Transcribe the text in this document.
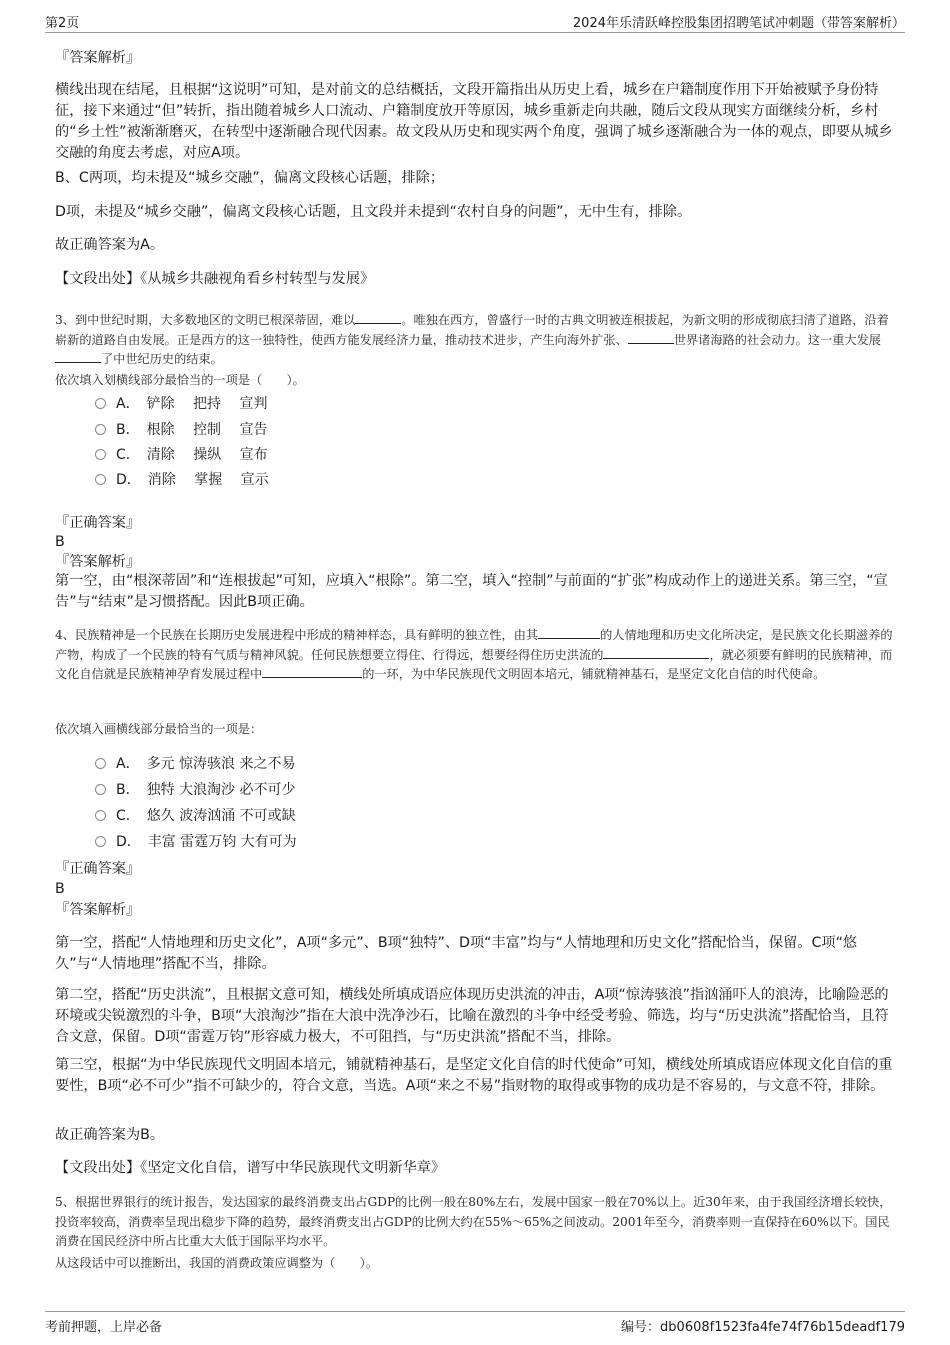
第2页	2024年乐清跃峰控股集团招聘笔试冲刺题（带答案解析）
『答案解析』

横线出现在结尾，且根据“这说明”可知，是对前文的总结概括，文段开篇指出从历史上看，城乡在户籍制度作用下开始被赋予身份特征，接下来通过“但”转折，指出随着城乡人口流动、户籍制度放开等原因，城乡重新走向共融，随后文段从现实方面继续分析，乡村的“乡土性”被渐渐磨灭，在转型中逐渐融合现代因素。故文段从历史和现实两个角度，强调了城乡逐渐融合为一体的观点，即要从城乡交融的角度去考虑，对应A项。

B、C两项，均未提及“城乡交融”，偏离文段核心话题，排除；

D项，未提及“城乡交融”，偏离文段核心话题，且文段并未提到“农村自身的问题”，无中生有，排除。

故正确答案为A。

【文段出处】《从城乡共融视角看乡村转型与发展》

3、到中世纪时期，大多数地区的文明已根深蒂固，难以	。唯独在西方，曾盛行一时的古典文明被连根拔起，为新文明的形成彻底扫清了道路，沿着崭新的道路自由发展。正是西方的这一独特性，使西方能发展经济力量，推动技术进步，产生向海外扩张、	世界诸海路的社会动力。这一重大发展了中世纪历史的结束。

依次填入划横线部分最恰当的一项是（　　）。

A．　铲除　 把持　 宣判
B．　根除　 控制　 宣告
C．　清除　 操纵　 宣布
D．　消除　 掌握　 宣示
『正确答案』
B
『答案解析』

第一空，由“根深蒂固”和“连根拔起”可知，应填入“根除”。第二空，填入“控制”与前面的“扩张”构成动作上的递进关系。第三空，“宣告”与“结束”是习惯搭配。因此B项正确。

4、民族精神是一个民族在长期历史发展进程中形成的精神样态，具有鲜明的独立性，由其	的人情地理和历史文化所决定，是民族文化长期滋养的产物，构成了一个民族的特有气质与精神风貌。任何民族想要立得住、行得远，想要经得住历史洪流的	，就必须要有鲜明的民族精神，而文化自信就是民族精神孕育发展过程中	的一环，为中华民族现代文明固本培元，铺就精神基石，是坚定文化自信的时代使命。

依次填入画横线部分最恰当的一项是：

A．　多元 惊涛骇浪 来之不易
B．　独特 大浪淘沙 必不可少
C．　悠久 波涛汹涌 不可或缺
D．　丰富 雷霆万钧 大有可为
『正确答案』
B
『答案解析』

第一空，搭配“人情地理和历史文化”，A项“多元”、B项“独特”、D项“丰富”均与“人情地理和历史文化”搭配恰当，保留。C项“悠久”与“人情地理”搭配不当，排除。

第二空，搭配“历史洪流”，且根据文意可知，横线处所填成语应体现历史洪流的冲击，A项“惊涛骇浪”指汹涌吓人的浪涛，比喻险恶的环境或尖锐激烈的斗争，B项“大浪淘沙”指在大浪中洗净沙石，比喻在激烈的斗争中经受考验、筛选，均与“历史洪流”搭配恰当，且符合文意，保留。D项“雷霆万钧”形容威力极大，不可阻挡，与“历史洪流”搭配不当，排除。

第三空，根据“为中华民族现代文明固本培元，铺就精神基石，是坚定文化自信的时代使命”可知，横线处所填成语应体现文化自信的重要性，B项“必不可少”指不可缺少的，符合文意，当选。A项“来之不易”指财物的取得或事物的成功是不容易的，与文意不符，排除。

故正确答案为B。

【文段出处】《坚定文化自信，谱写中华民族现代文明新华章》

5、根据世界银行的统计报告，发达国家的最终消费支出占GDP的比例一般在80%左右，发展中国家一般在70%以上。近30年来，由于我国经济增长较快，投资率较高，消费率呈现出稳步下降的趋势，最终消费支出占GDP的比例大约在55%～65%之间波动。2001年至今，消费率则一直保持在60%以下。国民消费在国民经济中所占比重大大低于国际平均水平。

从这段话中可以推断出，我国的消费政策应调整为（　　）。

考前押题，上岸必备	编号：db0608f1523fa4fe74f76b15deadf179
